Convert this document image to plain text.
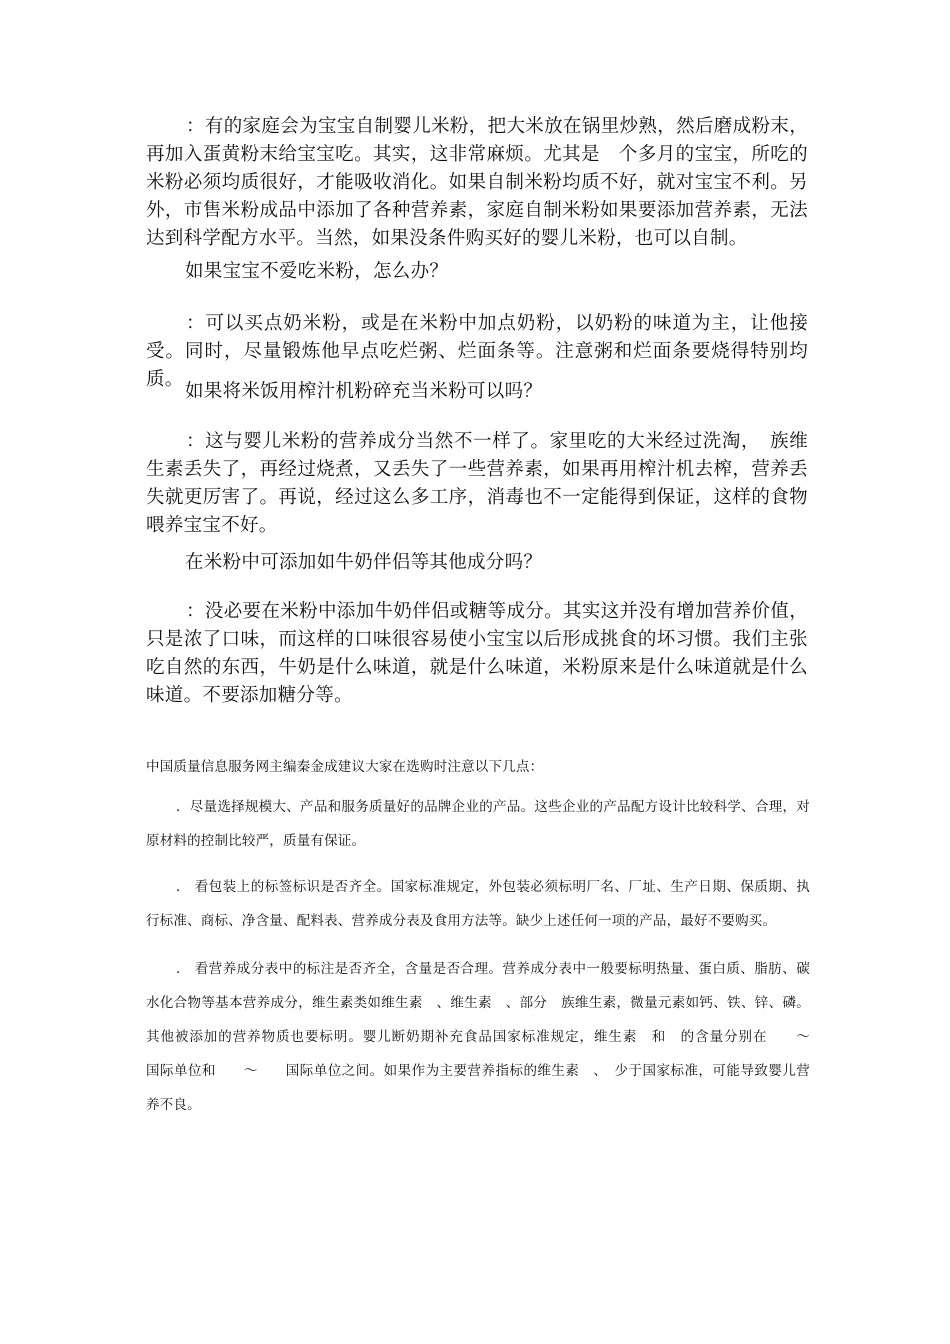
：有的家庭会为宝宝自制婴儿米粉，把大米放在锅里炒熟，然后磨成粉末，再加入蛋黄粉末给宝宝吃。其实，这非常麻烦。尤其是　个多月的宝宝，所吃的米粉必须均质很好，才能吸收消化。如果自制米粉均质不好，就对宝宝不利。另外，市售米粉成品中添加了各种营养素，家庭自制米粉如果要添加营养素，无法达到科学配方水平。当然，如果没条件购买好的婴儿米粉，也可以自制。

如果宝宝不爱吃米粉，怎么办？

：可以买点奶米粉，或是在米粉中加点奶粉，以奶粉的味道为主，让他接受。同时，尽量锻炼他早点吃烂粥、烂面条等。注意粥和烂面条要烧得特别均质。

如果将米饭用榨汁机粉碎充当米粉可以吗？

：这与婴儿米粉的营养成分当然不一样了。家里吃的大米经过洗淘，　族维生素丢失了，再经过烧煮，又丢失了一些营养素，如果再用榨汁机去榨，营养丢失就更厉害了。再说，经过这么多工序，消毒也不一定能得到保证，这样的食物喂养宝宝不好。

在米粉中可添加如牛奶伴侣等其他成分吗？

：没必要在米粉中添加牛奶伴侣或糖等成分。其实这并没有增加营养价值，只是浓了口味，而这样的口味很容易使小宝宝以后形成挑食的坏习惯。我们主张吃自然的东西，牛奶是什么味道，就是什么味道，米粉原来是什么味道就是什么味道。不要添加糖分等。

中国质量信息服务网主编秦金成建议大家在选购时注意以下几点：

．尽量选择规模大、产品和服务质量好的品牌企业的产品。这些企业的产品配方设计比较科学、合理，对原材料的控制比较严，质量有保证。

． 看包装上的标签标识是否齐全。国家标准规定，外包装必须标明厂名、厂址、生产日期、保质期、执行标准、商标、净含量、配料表、营养成分表及食用方法等。缺少上述任何一项的产品，最好不要购买。

． 看营养成分表中的标注是否齐全，含量是否合理。营养成分表中一般要标明热量、蛋白质、脂肪、碳水化合物等基本营养成分，维生素类如维生素　、维生素　、部分　族维生素，微量元素如钙、铁、锌、磷。其他被添加的营养物质也要标明。婴儿断奶期补充食品国家标准规定，维生素　和　的含量分别在　　～　　国际单位和　　～　　国际单位之间。如果作为主要营养指标的维生素　、　少于国家标准，可能导致婴儿营养不良。
